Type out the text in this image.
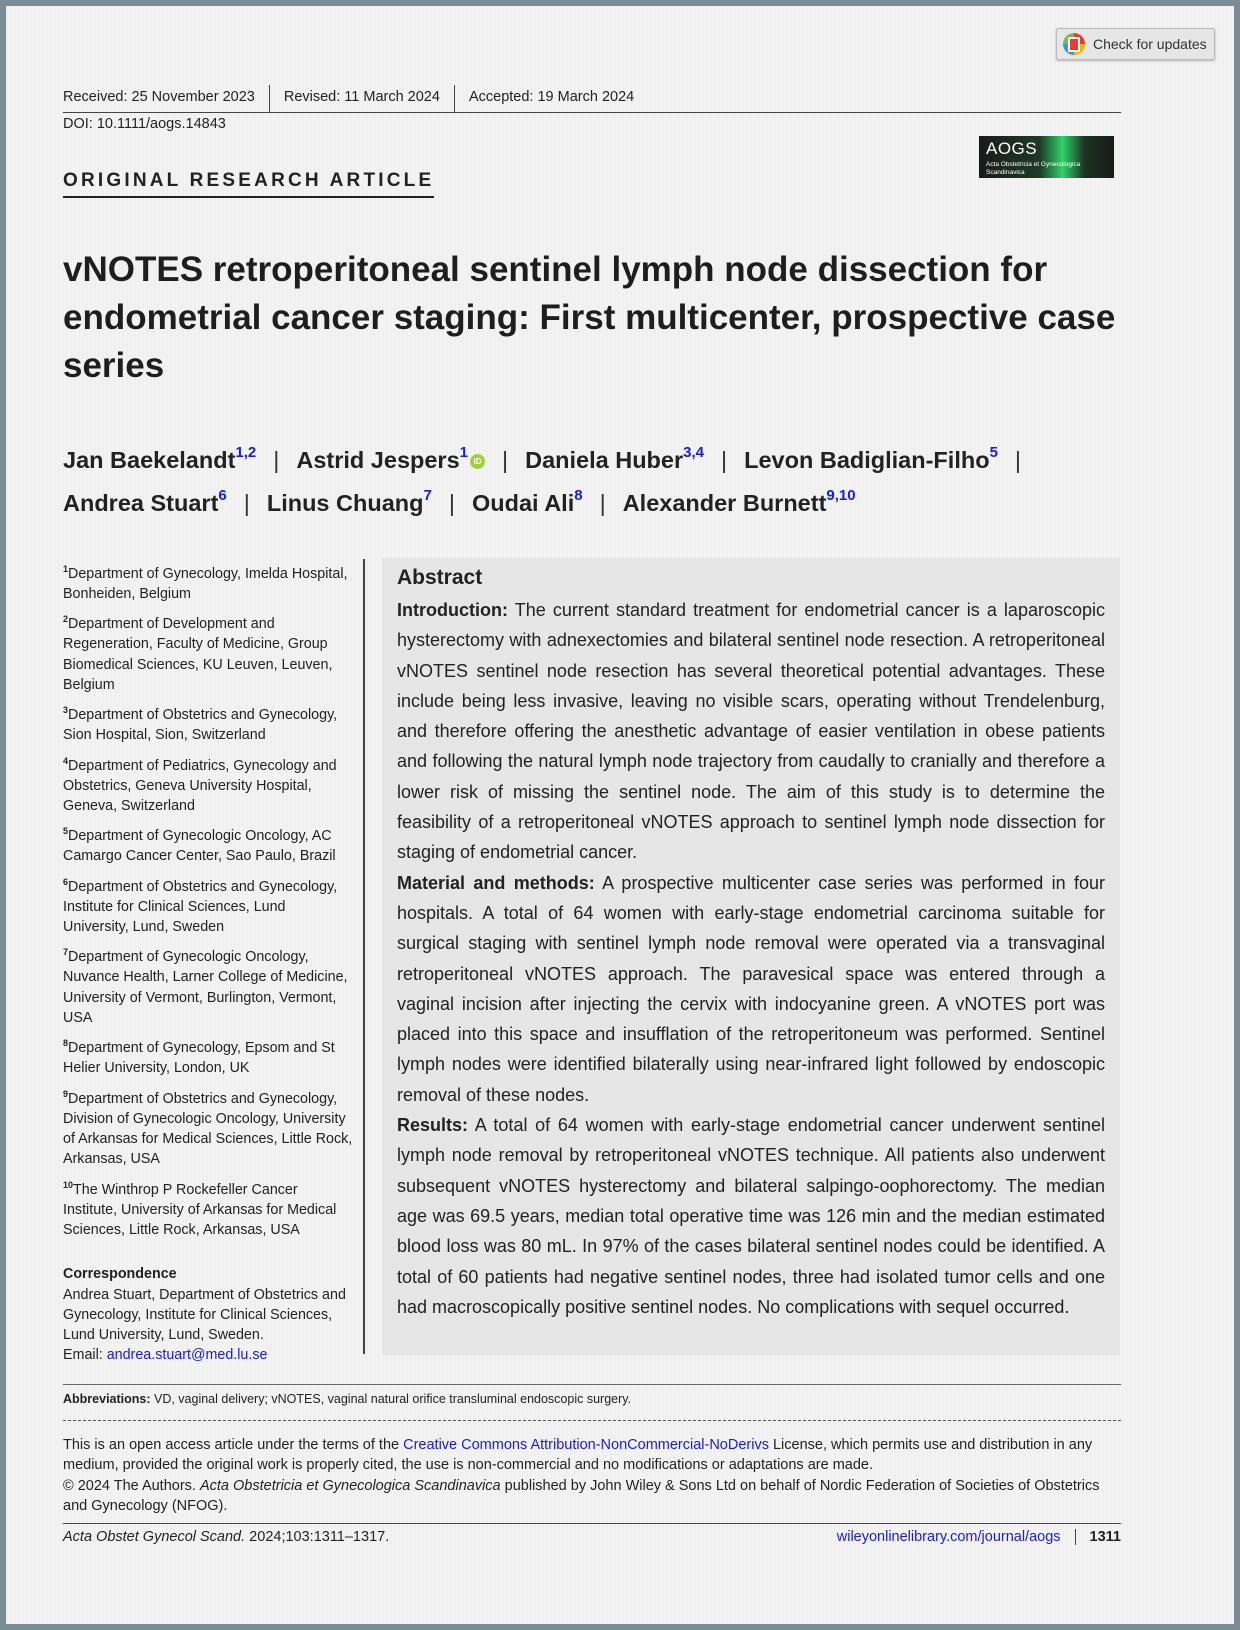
Check for updates
Received: 25 November 2023	Revised: 11 March 2024	Accepted: 19 March 2024
DOI: 10.1111/aogs.14843
AOGS
Acta Obstetricia et Gynecologica Scandinavica
ORIGINAL RESEARCH ARTICLE
vNOTES retroperitoneal sentinel lymph node dissection for endometrial cancer staging: First multicenter, prospective case series
Jan Baekelandt$^{1,2}$ | Astrid Jespers$^1$iD | Daniela Huber$^{3,4}$ | Levon Badiglian-Filho$^5$ |
Andrea Stuart$^6$ | Linus Chuang$^7$ | Oudai Ali$^8$ | Alexander Burnett$^{9,10}$
$^1$Department of Gynecology, Imelda Hospital, Bonheiden, Belgium
$^2$Department of Development and Regeneration, Faculty of Medicine, Group Biomedical Sciences, KU Leuven, Leuven, Belgium
$^3$Department of Obstetrics and Gynecology, Sion Hospital, Sion, Switzerland
$^4$Department of Pediatrics, Gynecology and Obstetrics, Geneva University Hospital, Geneva, Switzerland
$^5$Department of Gynecologic Oncology, AC Camargo Cancer Center, Sao Paulo, Brazil
$^6$Department of Obstetrics and Gynecology, Institute for Clinical Sciences, Lund University, Lund, Sweden
$^7$Department of Gynecologic Oncology, Nuvance Health, Larner College of Medicine, University of Vermont, Burlington, Vermont, USA
$^8$Department of Gynecology, Epsom and St Helier University, London, UK
$^9$Department of Obstetrics and Gynecology, Division of Gynecologic Oncology, University of Arkansas for Medical Sciences, Little Rock, Arkansas, USA
$^{10}$The Winthrop P Rockefeller Cancer Institute, University of Arkansas for Medical Sciences, Little Rock, Arkansas, USA
Correspondence
Andrea Stuart, Department of Obstetrics and Gynecology, Institute for Clinical Sciences, Lund University, Lund, Sweden.
Email: andrea.stuart@med.lu.se
Abstract

Introduction: The current standard treatment for endometrial cancer is a laparoscopic hysterectomy with adnexectomies and bilateral sentinel node resection. A retroperitoneal vNOTES sentinel node resection has several theoretical potential advantages. These include being less invasive, leaving no visible scars, operating without Trendelenburg, and therefore offering the anesthetic advantage of easier ventilation in obese patients and following the natural lymph node trajectory from caudally to cranially and therefore a lower risk of missing the sentinel node. The aim of this study is to determine the feasibility of a retroperitoneal vNOTES approach to sentinel lymph node dissection for staging of endometrial cancer.

Material and methods: A prospective multicenter case series was performed in four hospitals. A total of 64 women with early-stage endometrial carcinoma suitable for surgical staging with sentinel lymph node removal were operated via a transvaginal retroperitoneal vNOTES approach. The paravesical space was entered through a vaginal incision after injecting the cervix with indocyanine green. A vNOTES port was placed into this space and insufflation of the retroperitoneum was performed. Sentinel lymph nodes were identified bilaterally using near-infrared light followed by endoscopic removal of these nodes.

Results: A total of 64 women with early-stage endometrial cancer underwent sentinel lymph node removal by retroperitoneal vNOTES technique. All patients also underwent subsequent vNOTES hysterectomy and bilateral salpingo-oophorectomy. The median age was 69.5 years, median total operative time was 126 min and the median estimated blood loss was 80 mL. In 97% of the cases bilateral sentinel nodes could be identified. A total of 60 patients had negative sentinel nodes, three had isolated tumor cells and one had macroscopically positive sentinel nodes. No complications with sequel occurred.

Abbreviations: VD, vaginal delivery; vNOTES, vaginal natural orifice transluminal endoscopic surgery.
This is an open access article under the terms of the Creative Commons Attribution-NonCommercial-NoDerivs License, which permits use and distribution in any medium, provided the original work is properly cited, the use is non-commercial and no modifications or adaptations are made.
© 2024 The Authors. Acta Obstetricia et Gynecologica Scandinavica published by John Wiley & Sons Ltd on behalf of Nordic Federation of Societies of Obstetrics and Gynecology (NFOG).
Acta Obstet Gynecol Scand. 2024;103:1311–1317.	wileyonlinelibrary.com/journal/aogs	1311
